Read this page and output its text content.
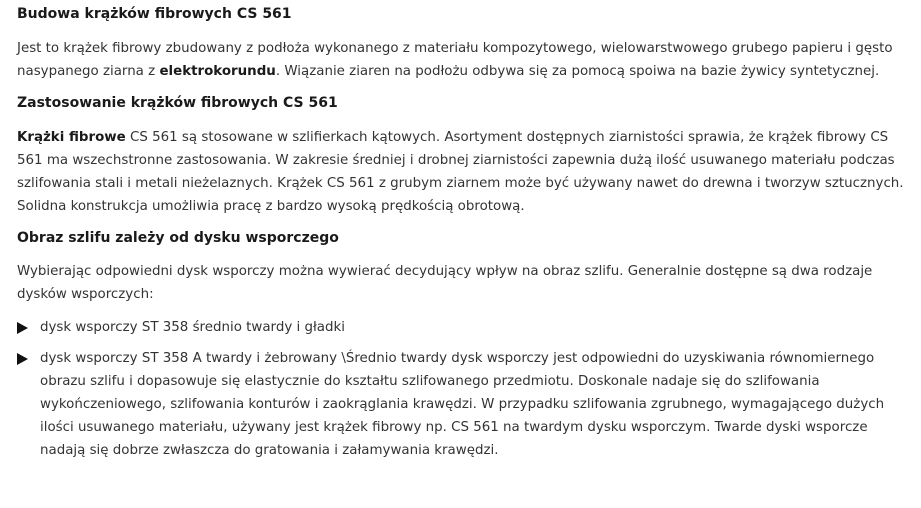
Budowa krążków fibrowych CS 561

Jest to krążek fibrowy zbudowany z podłoża wykonanego z materiału kompozytowego, wielowarstwowego grubego papieru i gęsto nasypanego ziarna z elektrokorundu. Wiązanie ziaren na podłożu odbywa się za pomocą spoiwa na bazie żywicy syntetycznej.

Zastosowanie krążków fibrowych CS 561

Krążki fibrowe CS 561 są stosowane w szlifierkach kątowych. Asortyment dostępnych ziarnistości sprawia, że krążek fibrowy CS 561 ma wszechstronne zastosowania. W zakresie średniej i drobnej ziarnistości zapewnia dużą ilość usuwanego materiału podczas szlifowania stali i metali nieżelaznych. Krążek CS 561 z grubym ziarnem może być używany nawet do drewna i tworzyw sztucznych. Solidna konstrukcja umożliwia pracę z bardzo wysoką prędkością obrotową.

Obraz szlifu zależy od dysku wsporczego

Wybierając odpowiedni dysk wsporczy można wywierać decydujący wpływ na obraz szlifu. Generalnie dostępne są dwa rodzaje dysków wsporczych:

dysk wsporczy ST 358 średnio twardy i gładki
dysk wsporczy ST 358 A twardy i żebrowany \Średnio twardy dysk wsporczy jest odpowiedni do uzyskiwania równomiernego obrazu szlifu i dopasowuje się elastycznie do kształtu szlifowanego przedmiotu. Doskonale nadaje się do szlifowania wykończeniowego, szlifowania konturów i zaokrąglania krawędzi. W przypadku szlifowania zgrubnego, wymagającego dużych ilości usuwanego materiału, używany jest krążek fibrowy np. CS 561 na twardym dysku wsporczym. Twarde dyski wsporcze nadają się dobrze zwłaszcza do gratowania i załamywania krawędzi.
